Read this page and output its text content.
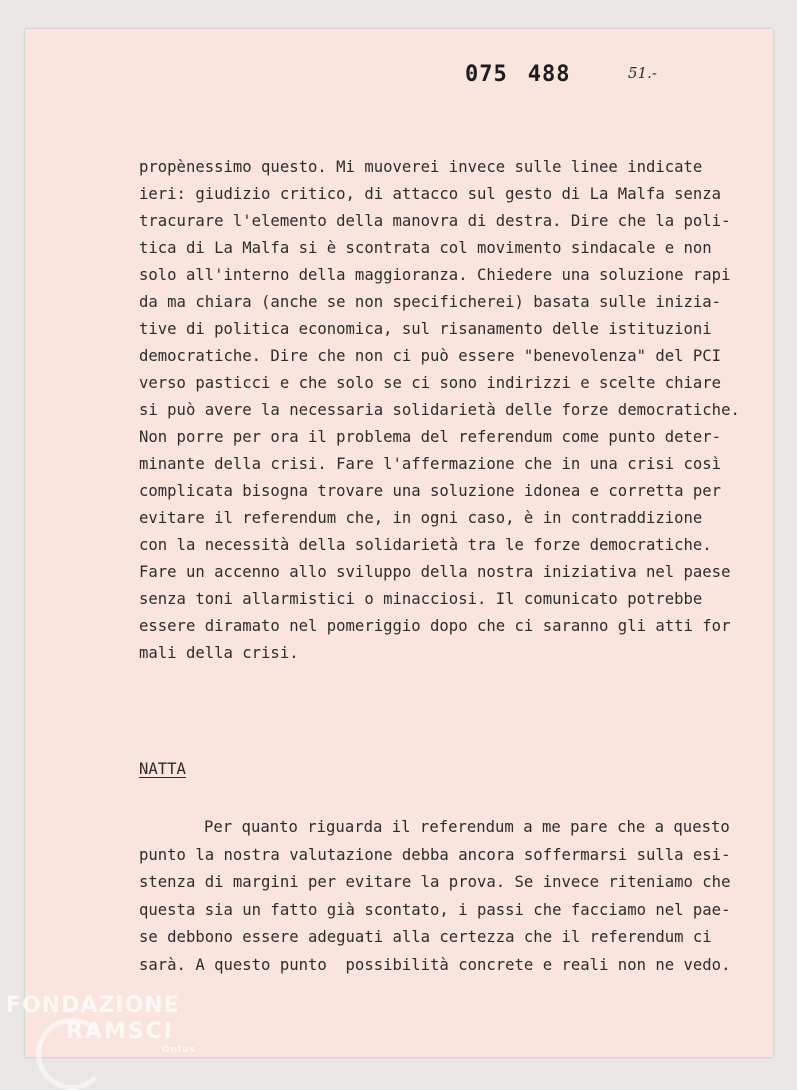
075 488	51.-
propènessimo questo. Mi muoverei invece sulle linee indicate
ieri: giudizio critico, di attacco sul gesto di La Malfa senza
tracurare l'elemento della manovra di destra. Dire che la poli-
tica di La Malfa si è scontrata col movimento sindacale e non
solo all'interno della maggioranza. Chiedere una soluzione rapi
da ma chiara (anche se non specificherei) basata sulle inizia-
tive di politica economica, sul risanamento delle istituzioni
democratiche. Dire che non ci può essere "benevolenza" del PCI
verso pasticci e che solo se ci sono indirizzi e scelte chiare
si può avere la necessaria solidarietà delle forze democratiche.
Non porre per ora il problema del referendum come punto deter-
minante della crisi. Fare l'affermazione che in una crisi così
complicata bisogna trovare una soluzione idonea e corretta per
evitare il referendum che, in ogni caso, è in contraddizione
con la necessità della solidarietà tra le forze democratiche.
Fare un accenno allo sviluppo della nostra iniziativa nel paese
senza toni allarmistici o minacciosi. Il comunicato potrebbe
essere diramato nel pomeriggio dopo che ci saranno gli atti for
mali della crisi.
NATTA
Per quanto riguarda il referendum a me pare che a questo
punto la nostra valutazione debba ancora soffermarsi sulla esi-
stenza di margini per evitare la prova. Se invece riteniamo che
questa sia un fatto già scontato, i passi che facciamo nel pae-
se debbono essere adeguati alla certezza che il referendum ci
sarà. A questo punto  possibilità concrete e reali non ne vedo.
FONDAZIONE
RAMSCI
Onlus
